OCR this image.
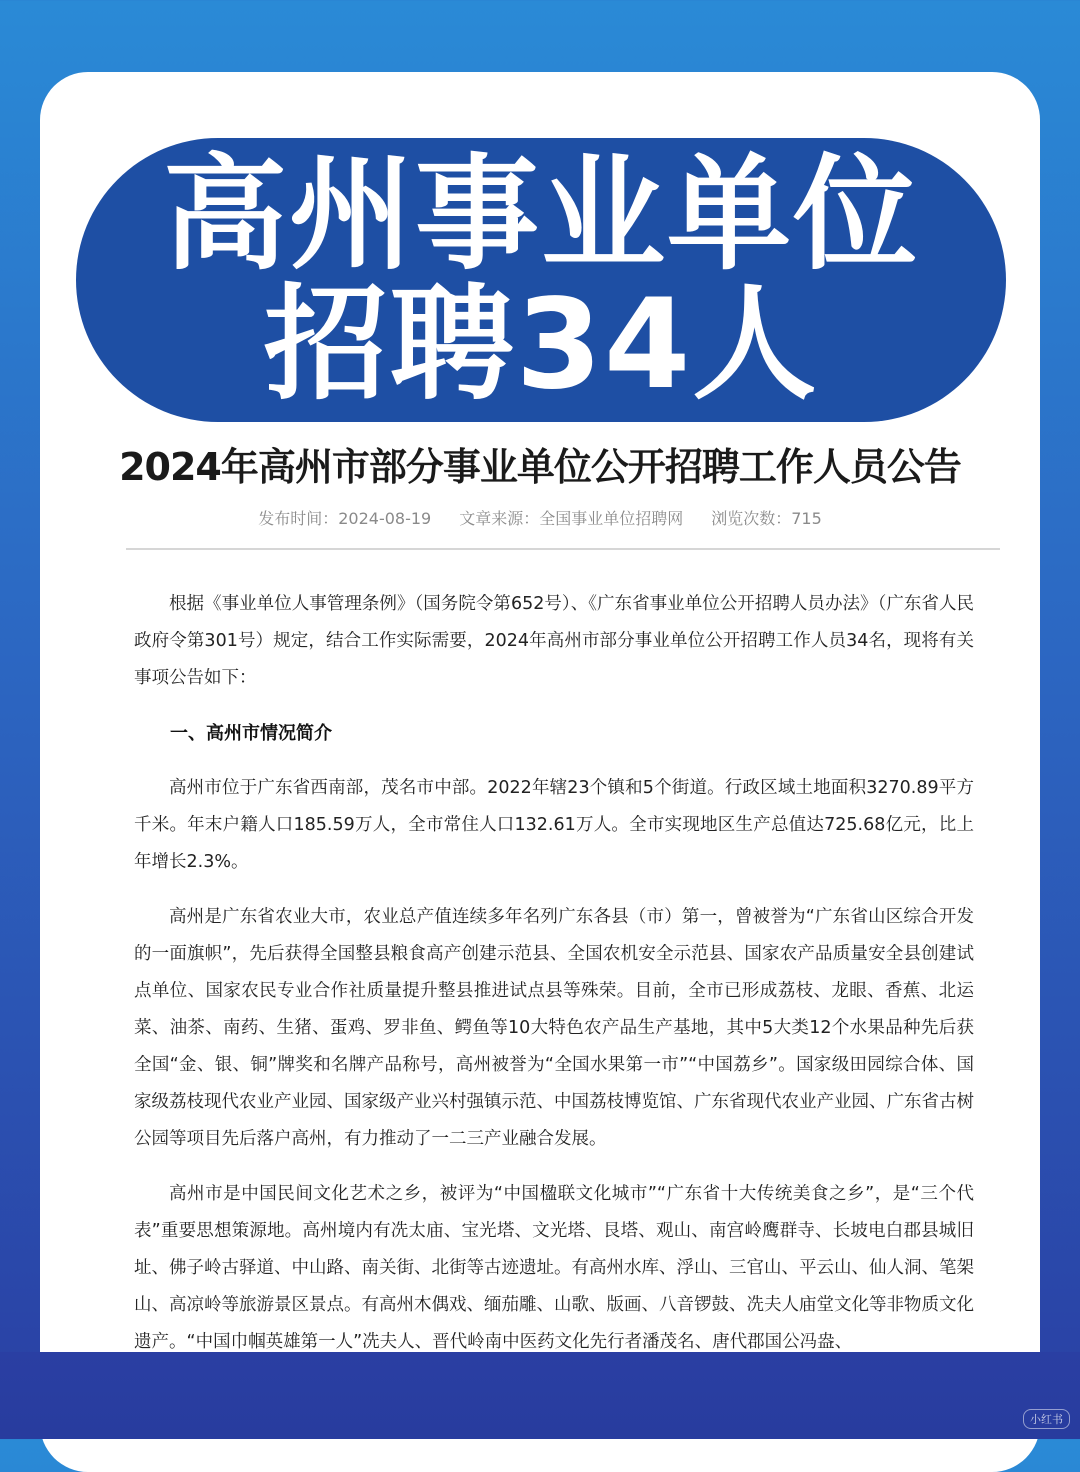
高州事业单位
招聘34人
2024年高州市部分事业单位公开招聘工作人员公告
发布时间：2024-08-19 文章来源：全国事业单位招聘网 浏览次数：715

根据《事业单位人事管理条例》（国务院令第652号）、《广东省事业单位公开招聘人员办法》（广东省人民政府令第301号）规定，结合工作实际需要，2024年高州市部分事业单位公开招聘工作人员34名，现将有关事项公告如下：

一、高州市情况简介

高州市位于广东省西南部，茂名市中部。2022年辖23个镇和5个街道。行政区域土地面积3270.89平方千米。年末户籍人口185.59万人，全市常住人口132.61万人。全市实现地区生产总值达725.68亿元，比上年增长2.3%。

高州是广东省农业大市，农业总产值连续多年名列广东各县（市）第一，曾被誉为“广东省山区综合开发的一面旗帜”，先后获得全国整县粮食高产创建示范县、全国农机安全示范县、国家农产品质量安全县创建试点单位、国家农民专业合作社质量提升整县推进试点县等殊荣。目前，全市已形成荔枝、龙眼、香蕉、北运菜、油茶、南药、生猪、蛋鸡、罗非鱼、鳄鱼等10大特色农产品生产基地，其中5大类12个水果品种先后获全国“金、银、铜”牌奖和名牌产品称号，高州被誉为“全国水果第一市”“中国荔乡”。国家级田园综合体、国家级荔枝现代农业产业园、国家级产业兴村强镇示范、中国荔枝博览馆、广东省现代农业产业园、广东省古树公园等项目先后落户高州，有力推动了一二三产业融合发展。

高州市是中国民间文化艺术之乡，被评为“中国楹联文化城市”“广东省十大传统美食之乡”，是“三个代表”重要思想策源地。高州境内有冼太庙、宝光塔、文光塔、艮塔、观山、南宫岭鹰群寺、长坡电白郡县城旧址、佛子岭古驿道、中山路、南关街、北街等古迹遗址。有高州水库、浮山、三官山、平云山、仙人洞、笔架山、高凉岭等旅游景区景点。有高州木偶戏、缅茄雕、山歌、版画、八音锣鼓、冼夫人庙堂文化等非物质文化遗产。“中国巾帼英雄第一人”冼夫人、晋代岭南中医药文化先行者潘茂名、唐代郡国公冯盎、

小红书
